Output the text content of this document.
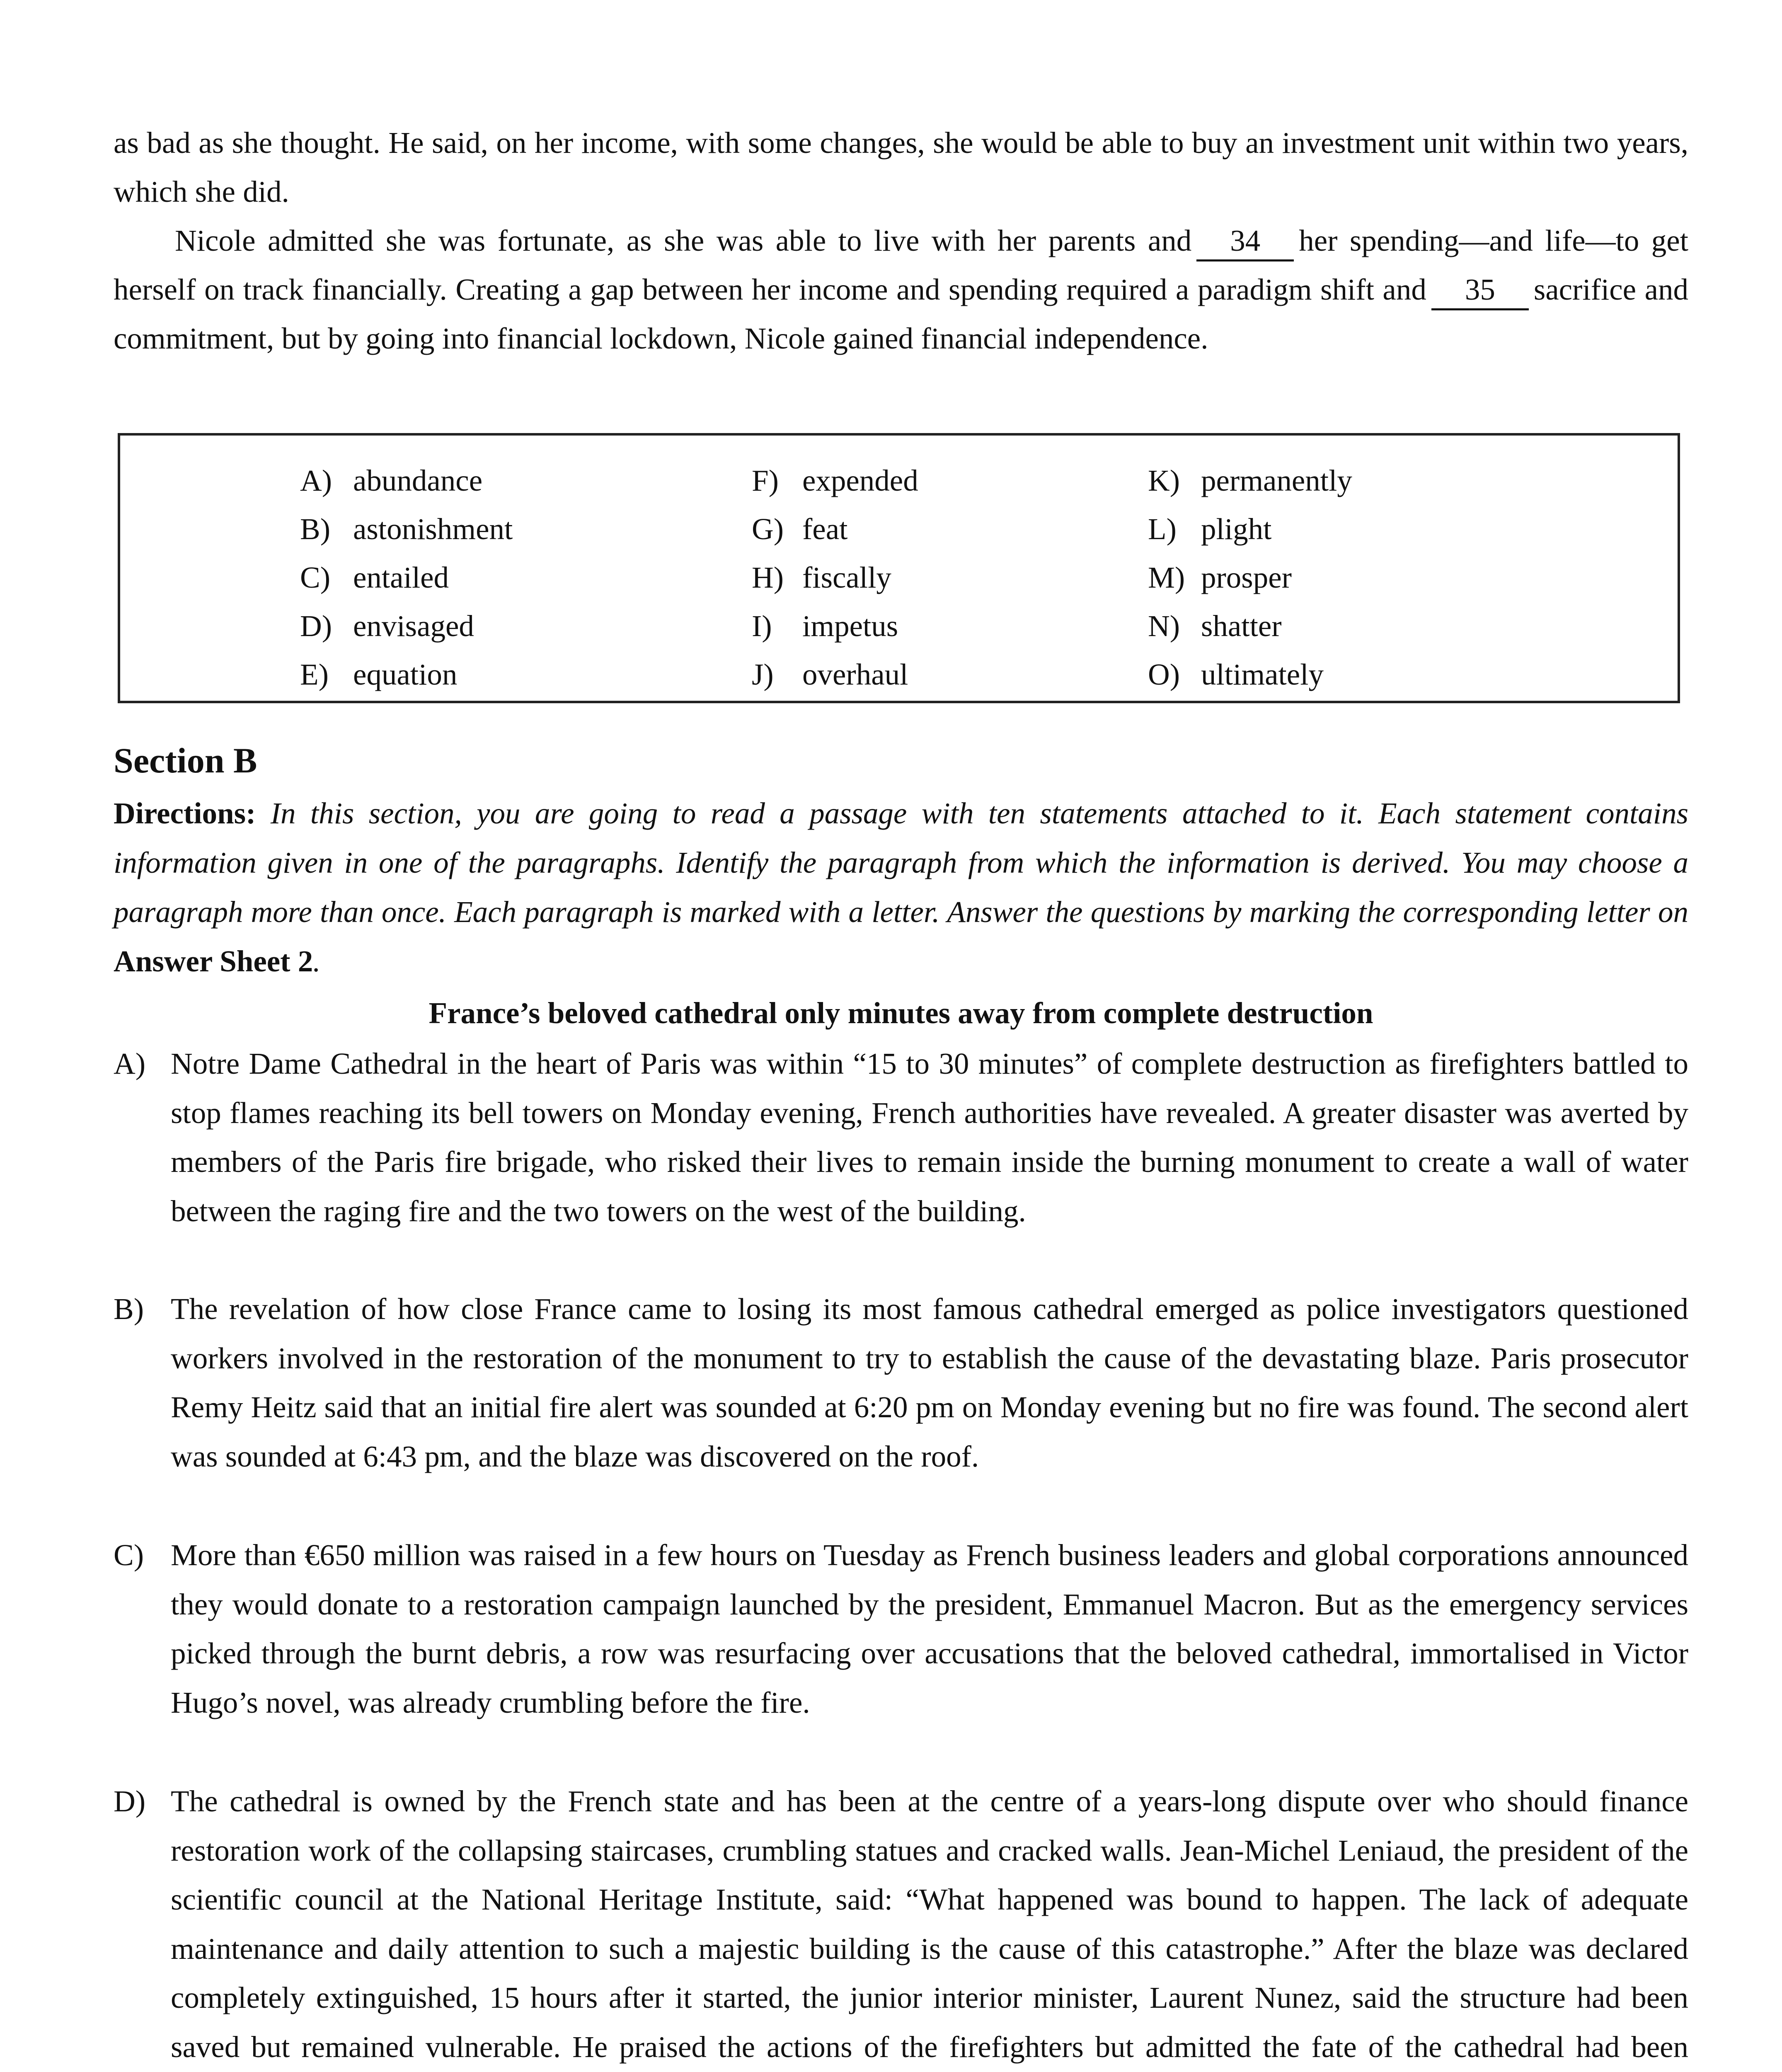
as bad as she thought. He said, on her income, with some changes, she would be able to buy an investment unit within two years, which she did.

Nicole admitted she was fortunate, as she was able to live with her parents and 34 her spending—and life—to get herself on track financially. Creating a gap between her income and spending required a paradigm shift and 35 sacrifice and commitment, but by going into financial lockdown, Nicole gained financial independence.

A) abundance
B) astonishment
C) entailed
D) envisaged
E) equation
F) expended
G) feat
H) fiscally
I) impetus
J) overhaul
K) permanently
L) plight
M) prosper
N) shatter
O) ultimately
Section B
Directions: In this section, you are going to read a passage with ten statements attached to it. Each statement contains information given in one of the paragraphs. Identify the paragraph from which the information is derived. You may choose a paragraph more than once. Each paragraph is marked with a letter. Answer the questions by marking the corresponding letter on Answer Sheet 2.
France’s beloved cathedral only minutes away from complete destruction
A) Notre Dame Cathedral in the heart of Paris was within “15 to 30 minutes” of complete destruction as firefighters battled to stop flames reaching its bell towers on Monday evening, French authorities have revealed. A greater disaster was averted by members of the Paris fire brigade, who risked their lives to remain inside the burning monument to create a wall of water between the raging fire and the two towers on the west of the building.
B) The revelation of how close France came to losing its most famous cathedral emerged as police investigators questioned workers involved in the restoration of the monument to try to establish the cause of the devastating blaze. Paris prosecutor Remy Heitz said that an initial fire alert was sounded at 6:20 pm on Monday evening but no fire was found. The second alert was sounded at 6:43 pm, and the blaze was discovered on the roof.
C) More than €650 million was raised in a few hours on Tuesday as French business leaders and global corporations announced they would donate to a restoration campaign launched by the president, Emmanuel Macron. But as the emergency services picked through the burnt debris, a row was resurfacing over accusations that the beloved cathedral, immortalised in Victor Hugo’s novel, was already crumbling before the fire.
D) The cathedral is owned by the French state and has been at the centre of a years-long dispute over who should finance restoration work of the collapsing staircases, crumbling statues and cracked walls. Jean-Michel Leniaud, the president of the scientific council at the National Heritage Institute, said: “What happened was bound to happen. The lack of adequate maintenance and daily attention to such a majestic building is the cause of this catastrophe.” After the blaze was declared completely extinguished, 15 hours after it started, the junior interior minister, Laurent Nunez, said the structure had been saved but remained vulnerable. He praised the actions of the firefighters but admitted the fate of the cathedral had been
